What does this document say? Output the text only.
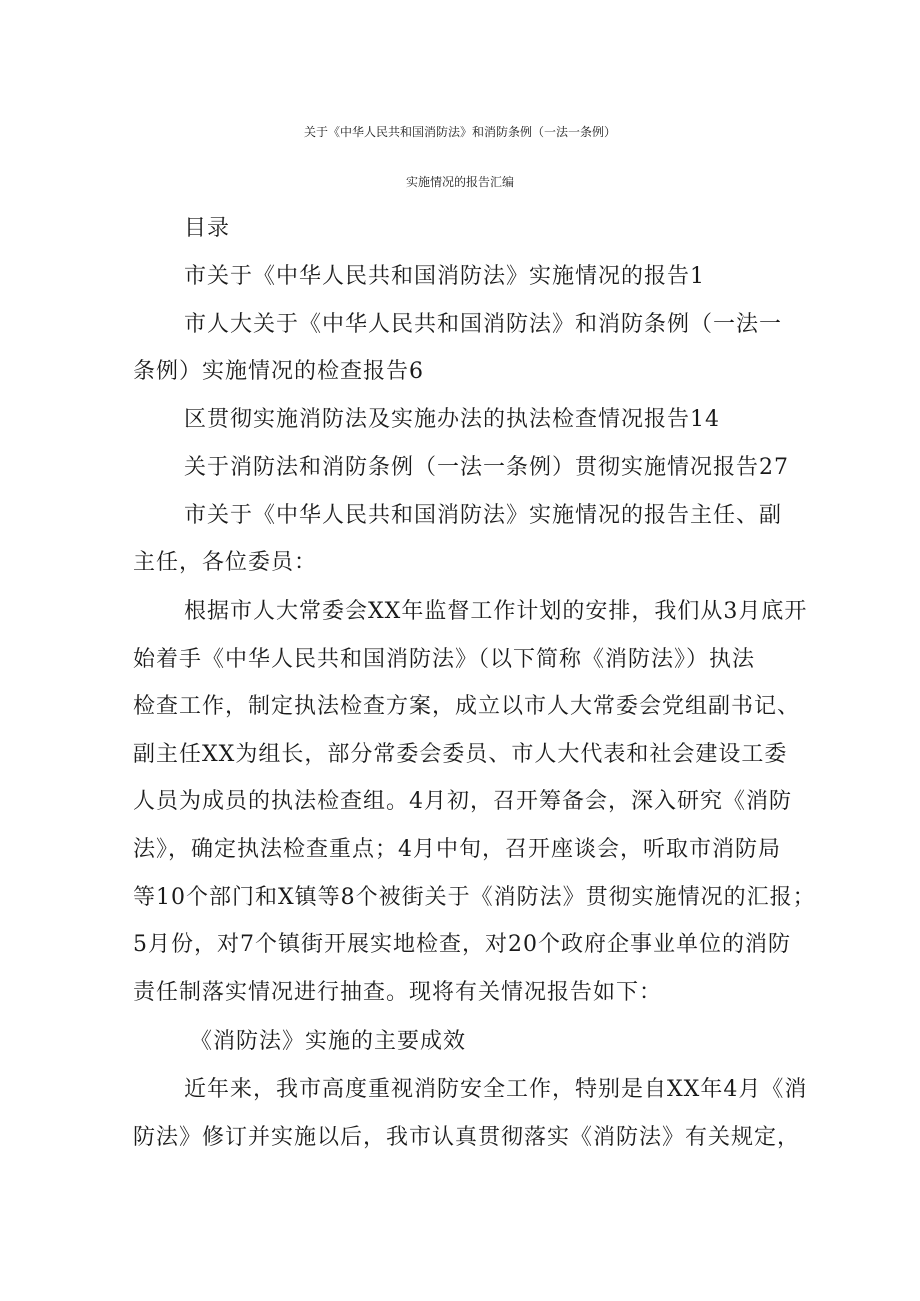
关于《中华人民共和国消防法》和消防条例（一法一条例）
实施情况的报告汇编
目录
市关于《中华人民共和国消防法》实施情况的报告1
市人大关于《中华人民共和国消防法》和消防条例（一法一
条例）实施情况的检查报告6
区贯彻实施消防法及实施办法的执法检查情况报告14
关于消防法和消防条例（一法一条例）贯彻实施情况报告27
市关于《中华人民共和国消防法》实施情况的报告主任、副
主任，各位委员：
根据市人大常委会XX年监督工作计划的安排，我们从3月底开
始着手《中华人民共和国消防法》（以下简称《消防法》）执法
检查工作，制定执法检查方案，成立以市人大常委会党组副书记、
副主任XX为组长，部分常委会委员、市人大代表和社会建设工委
人员为成员的执法检查组。4月初，召开筹备会，深入研究《消防
法》，确定执法检查重点；4月中旬，召开座谈会，听取市消防局
等10个部门和X镇等8个被街关于《消防法》贯彻实施情况的汇报；
5月份，对7个镇街开展实地检查，对20个政府企事业单位的消防
责任制落实情况进行抽查。现将有关情况报告如下：
《消防法》实施的主要成效
近年来，我市高度重视消防安全工作，特别是自XX年4月《消
防法》修订并实施以后，我市认真贯彻落实《消防法》有关规定，
